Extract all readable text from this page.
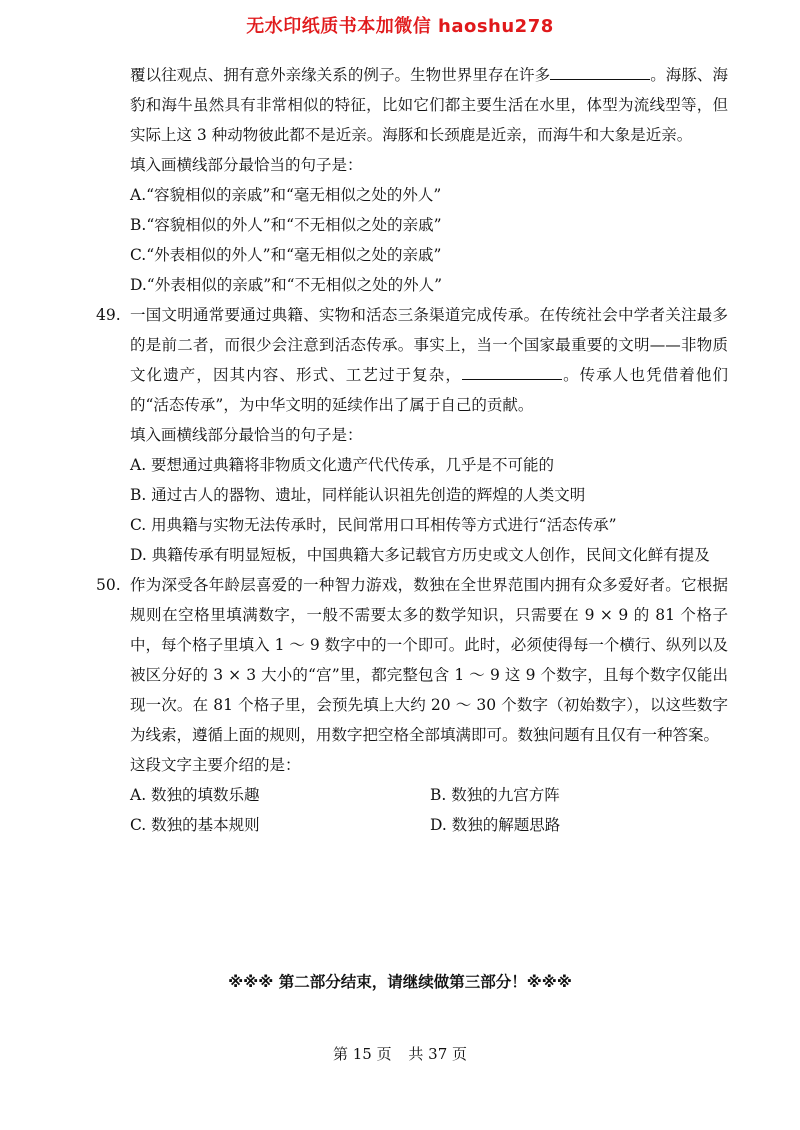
无水印纸质书本加微信 haoshu278

覆以往观点、拥有意外亲缘关系的例子。生物世界里存在许多	。海豚、海豹和海牛虽然具有非常相似的特征，比如它们都主要生活在水里，体型为流线型等，但实际上这 3 种动物彼此都不是近亲。海豚和长颈鹿是近亲，而海牛和大象是近亲。

填入画横线部分最恰当的句子是：

A.“容貌相似的亲戚”和“毫无相似之处的外人”

B.“容貌相似的外人”和“不无相似之处的亲戚”

C.“外表相似的外人”和“毫无相似之处的亲戚”

D.“外表相似的亲戚”和“不无相似之处的外人”

49. 一国文明通常要通过典籍、实物和活态三条渠道完成传承。在传统社会中学者关注最多的是前二者，而很少会注意到活态传承。事实上，当一个国家最重要的文明——非物质文化遗产，因其内容、形式、工艺过于复杂，	。传承人也凭借着他们的“活态传承”，为中华文明的延续作出了属于自己的贡献。

填入画横线部分最恰当的句子是：

A. 要想通过典籍将非物质文化遗产代代传承，几乎是不可能的

B. 通过古人的器物、遗址，同样能认识祖先创造的辉煌的人类文明

C. 用典籍与实物无法传承时，民间常用口耳相传等方式进行“活态传承”

D. 典籍传承有明显短板，中国典籍大多记载官方历史或文人创作，民间文化鲜有提及

50. 作为深受各年龄层喜爱的一种智力游戏，数独在全世界范围内拥有众多爱好者。它根据规则在空格里填满数字，一般不需要太多的数学知识，只需要在 9 × 9 的 81 个格子中，每个格子里填入 1 ～ 9 数字中的一个即可。此时，必须使得每一个横行、纵列以及被区分好的 3 × 3 大小的“宫”里，都完整包含 1 ～ 9 这 9 个数字，且每个数字仅能出现一次。在 81 个格子里，会预先填上大约 20 ～ 30 个数字（初始数字），以这些数字为线索，遵循上面的规则，用数字把空格全部填满即可。数独问题有且仅有一种答案。

这段文字主要介绍的是：

A. 数独的填数乐趣	B. 数独的九宫方阵

C. 数独的基本规则	D. 数独的解题思路

※※※ 第二部分结束，请继续做第三部分！※※※
第 15 页 共 37 页
